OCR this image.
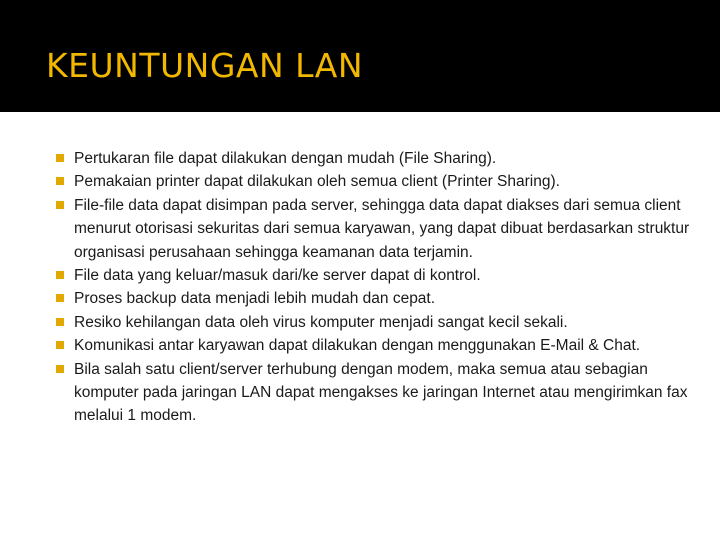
KEUNTUNGAN LAN
Pertukaran file dapat dilakukan dengan mudah (File Sharing).
Pemakaian printer dapat dilakukan oleh semua client (Printer Sharing).
File-file data dapat disimpan pada server, sehingga data dapat diakses dari semua client menurut otorisasi sekuritas dari semua karyawan, yang dapat dibuat berdasarkan struktur organisasi perusahaan sehingga keamanan data terjamin.
File data yang keluar/masuk dari/ke server dapat di kontrol.
Proses backup data menjadi lebih mudah dan cepat.
Resiko kehilangan data oleh virus komputer menjadi sangat kecil sekali.
Komunikasi antar karyawan dapat dilakukan dengan menggunakan E-Mail & Chat.
Bila salah satu client/server terhubung dengan modem, maka semua atau sebagian komputer pada jaringan LAN dapat mengakses ke jaringan Internet atau mengirimkan fax melalui 1 modem.
